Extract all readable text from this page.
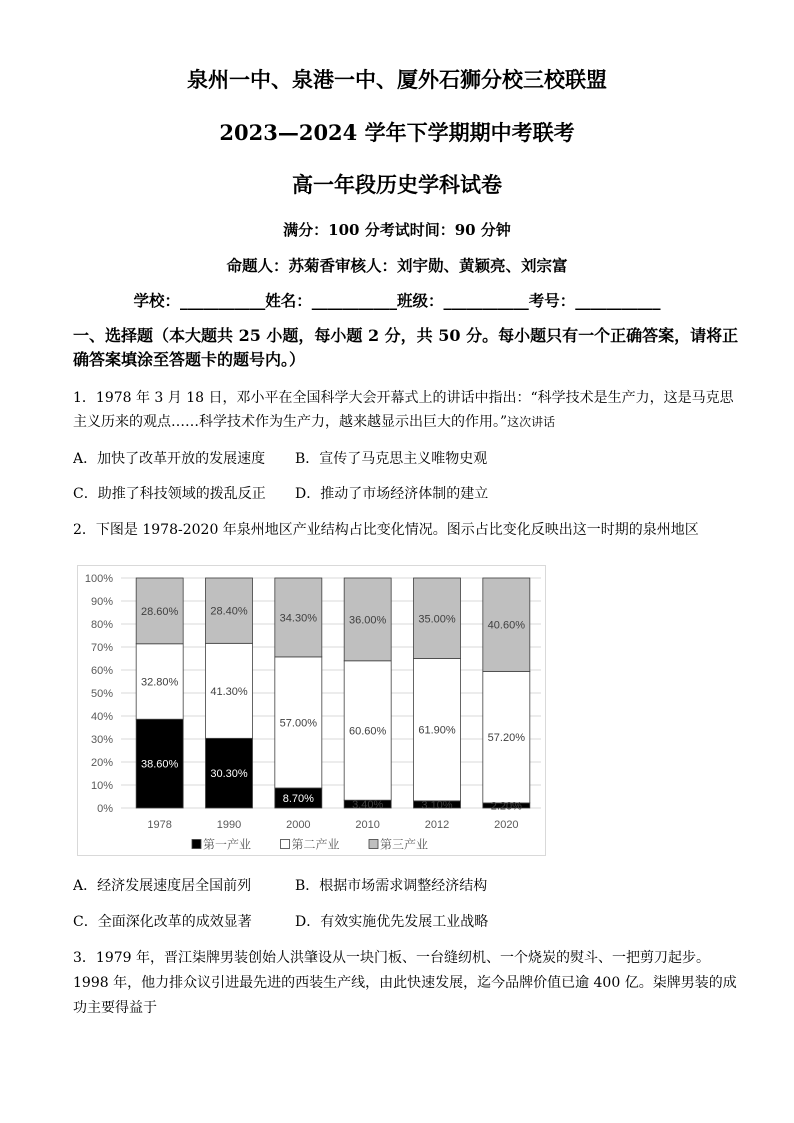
泉州一中、泉港一中、厦外石狮分校三校联盟
2023—2024 学年下学期期中考联考
高一年段历史学科试卷
满分：100 分考试时间：90 分钟
命题人：苏菊香审核人：刘宇勋、黄颖亮、刘宗富
学校：___________姓名：___________班级：___________考号：___________
一、选择题（本大题共 25 小题，每小题 2 分，共 50 分。每小题只有一个正确答案，请将正
确答案填涂至答题卡的题号内。）
1．1978 年 3 月 18 日，邓小平在全国科学大会开幕式上的讲话中指出：“科学技术是生产力，这是马克思
主义历来的观点……科学技术作为生产力，越来越显示出巨大的作用。”这次讲话
A．加快了改革开放的发展速度	B．宣传了马克思主义唯物史观
C．助推了科技领域的拨乱反正	D．推动了市场经济体制的建立
2．下图是 1978-2020 年泉州地区产业结构占比变化情况。图示占比变化反映出这一时期的泉州地区
0%
10%
20%
30%
40%
50%
60%
70%
80%
90%
100%
38.60%
32.80%
28.60%
1978
30.30%
41.30%
28.40%
1990
8.70%
57.00%
34.30%
2000
3.40%
60.60%
36.00%
2010
3.10%
61.90%
35.00%
2012
2.20%
57.20%
40.60%
2020
第一产业	第二产业	第三产业
A．经济发展速度居全国前列	B．根据市场需求调整经济结构
C．全面深化改革的成效显著	D．有效实施优先发展工业战略
3．1979 年，晋江柒牌男装创始人洪肇设从一块门板、一台缝纫机、一个烧炭的熨斗、一把剪刀起步。
1998 年，他力排众议引进最先进的西装生产线，由此快速发展，迄今品牌价值已逾 400 亿。柒牌男装的成
功主要得益于
